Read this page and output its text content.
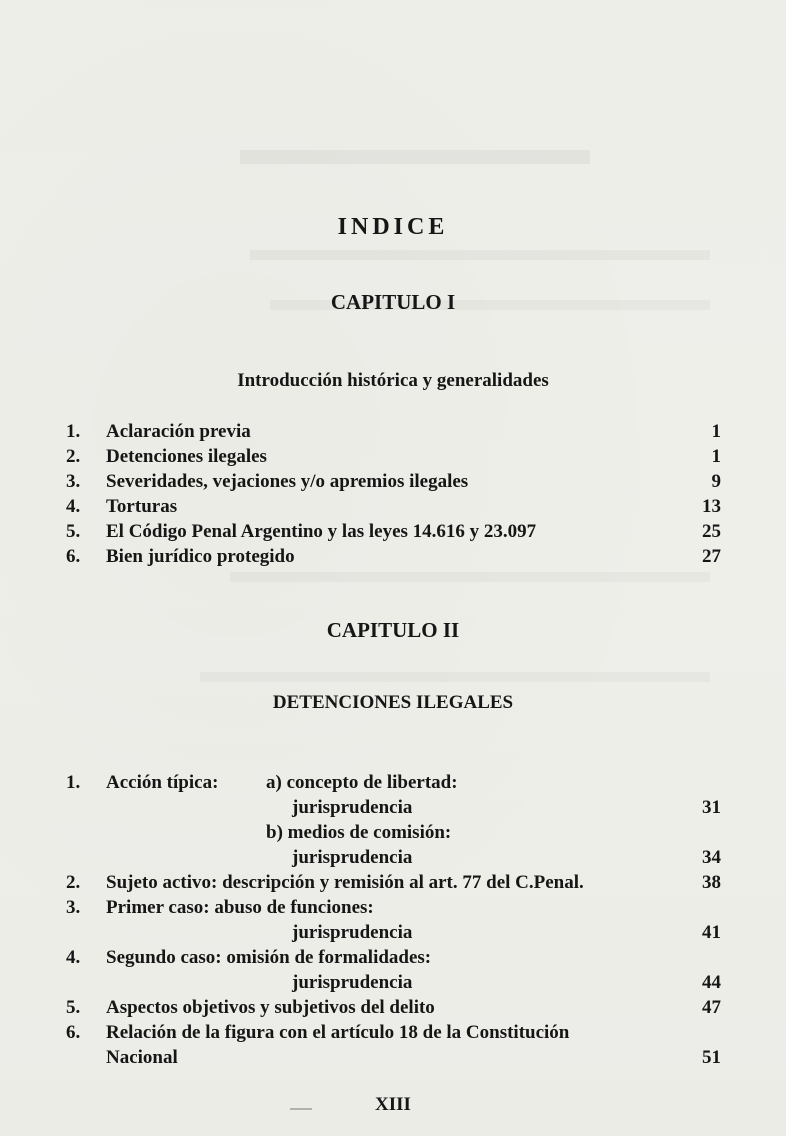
INDICE
CAPITULO I
Introducción histórica y generalidades
1.	Aclaración previa	1
2.	Detenciones ilegales	1
3.	Severidades, vejaciones y/o apremios ilegales	9
4.	Torturas	13
5.	El Código Penal Argentino y las leyes 14.616 y 23.097	25
6.	Bien jurídico protegido	27
CAPITULO II
DETENCIONES ILEGALES
1.	Acción típica:	a) concepto de libertad:
jurisprudencia	31
b) medios de comisión:
jurisprudencia	34
2.	Sujeto activo: descripción y remisión al art. 77 del C.Penal.	38
3.	Primer caso: abuso de funciones:
jurisprudencia	41
4.	Segundo caso: omisión de formalidades:
jurisprudencia	44
5.	Aspectos objetivos y subjetivos del delito	47
6.	Relación de la figura con el artículo 18 de la Constitución
Nacional	51
XIII
